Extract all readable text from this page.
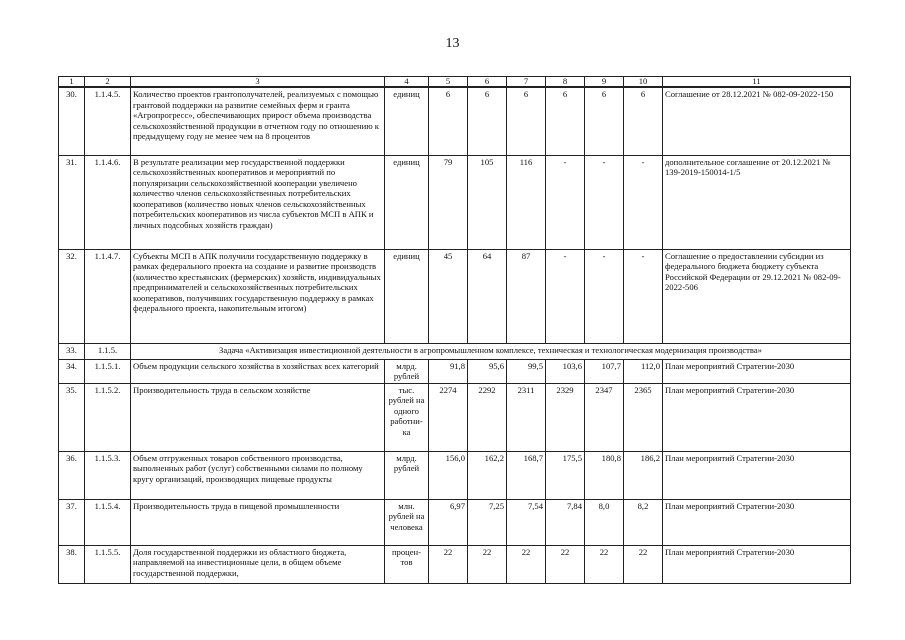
13
1	2	3	4	5	6	7	8	9	10	11
30.	1.1.4.5.	Количество проектов грантополучателей, реализуемых с помощью грантовой поддержки на развитие семейных ферм и гранта «Агропрогресс», обеспечивающих прирост объема производства сельскохозяйственной продукции в отчетном году по отношению к предыдущему году не менее чем на 8 процентов	единиц	6	6	6	6	6	6	Соглашение от 28.12.2021 № 082-09-2022-150
31.	1.1.4.6.	В результате реализации мер государственной поддержки сельскохозяйственных кооперативов и мероприятий по популяризации сельскохозяйственной кооперации увеличено количество членов сельскохозяйственных потребительских кооперативов (количество новых членов сельскохозяйственных потребительских кооперативов из числа субъектов МСП в АПК и личных подсобных хозяйств граждан)	единиц	79	105	116	-	-	-	дополнительное соглашение от 20.12.2021 № 139-2019-150014-1/5
32.	1.1.4.7.	Субъекты МСП в АПК получили государственную поддержку в рамках федерального проекта на создание и развитие производств (количество крестьянских (фермерских) хозяйств, индивидуальных предпринимателей и сельскохозяйственных потребительских кооперативов, получивших государственную поддержку в рамках федерального проекта, накопительным итогом)	единиц	45	64	87	-	-	-	Соглашение о предоставлении субсидии из федерального бюджета бюджету субъекта Российской Федерации от 29.12.2021 № 082-09-2022-506
33.	1.1.5.	Задача «Активизация инвестиционной деятельности в агропромышленном комплексе, техническая и технологическая модернизация производства»								
34.	1.1.5.1.	Объем продукции сельского хозяйства в хозяйствах всех категорий	млрд. рублей	91,8	95,6	99,5	103,6	107,7	112,0	План мероприятий Стратегии-2030
35.	1.1.5.2.	Производительность труда в сельском хозяйстве	тыс. рублей на одного работни-ка	2274	2292	2311	2329	2347	2365	План мероприятий Стратегии-2030
36.	1.1.5.3.	Объем отгруженных товаров собственного производства, выполненных работ (услуг) собственными силами по полному кругу организаций, производящих пищевые продукты	млрд. рублей	156,0	162,2	168,7	175,5	180,8	186,2	План мероприятий Стратегии-2030
37.	1.1.5.4.	Производительность труда в пищевой промышленности	млн. рублей на человека	6,97	7,25	7,54	7,84	8,0	8,2	План мероприятий Стратегии-2030
38.	1.1.5.5.	Доля государственной поддержки из областного бюджета, направляемой на инвестиционные цели, в общем объеме государственной поддержки,	процен-тов	22	22	22	22	22	22	План мероприятий Стратегии-2030
